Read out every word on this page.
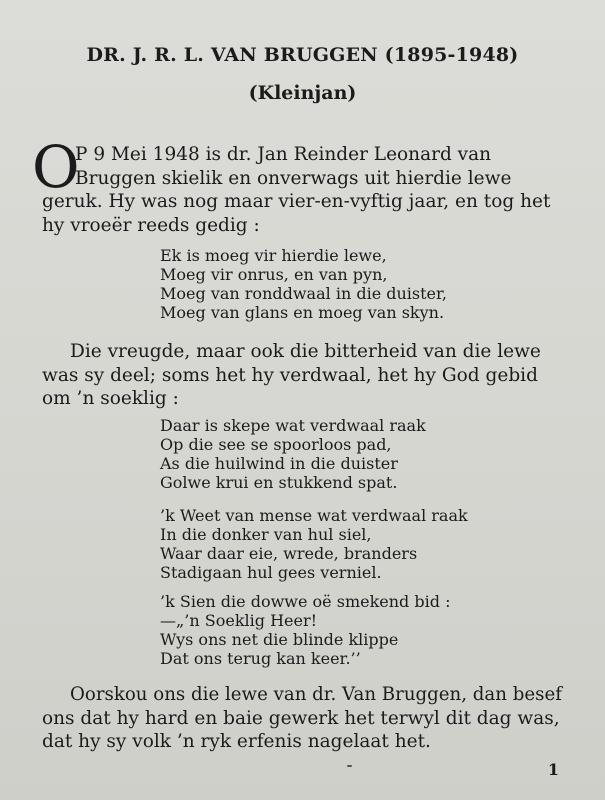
DR. J. R. L. VAN BRUGGEN (1895-1948)
(Kleinjan)
O
P 9 Mei 1948 is dr. Jan Reinder Leonard van
Bruggen skielik en onverwags uit hierdie lewe
geruk. Hy was nog maar vier-en-vyftig jaar, en tog het
hy vroeër reeds gedig :
Ek is moeg vir hierdie lewe,
Moeg vir onrus, en van pyn,
Moeg van ronddwaal in die duister,
Moeg van glans en moeg van skyn.
Die vreugde, maar ook die bitterheid van die lewe
was sy deel; soms het hy verdwaal, het hy God gebid
om ’n soeklig :
Daar is skepe wat verdwaal raak
Op die see se spoorloos pad,
As die huilwind in die duister
Golwe krui en stukkend spat.
’k Weet van mense wat verdwaal raak
In die donker van hul siel,
Waar daar eie, wrede, branders
Stadigaan hul gees verniel.
’k Sien die dowwe oë smekend bid :
—„’n Soeklig Heer!
Wys ons net die blinde klippe
Dat ons terug kan keer.’’
Oorskou ons die lewe van dr. Van Bruggen, dan besef
ons dat hy hard en baie gewerk het terwyl dit dag was,
dat hy sy volk ’n ryk erfenis nagelaat het.
1
